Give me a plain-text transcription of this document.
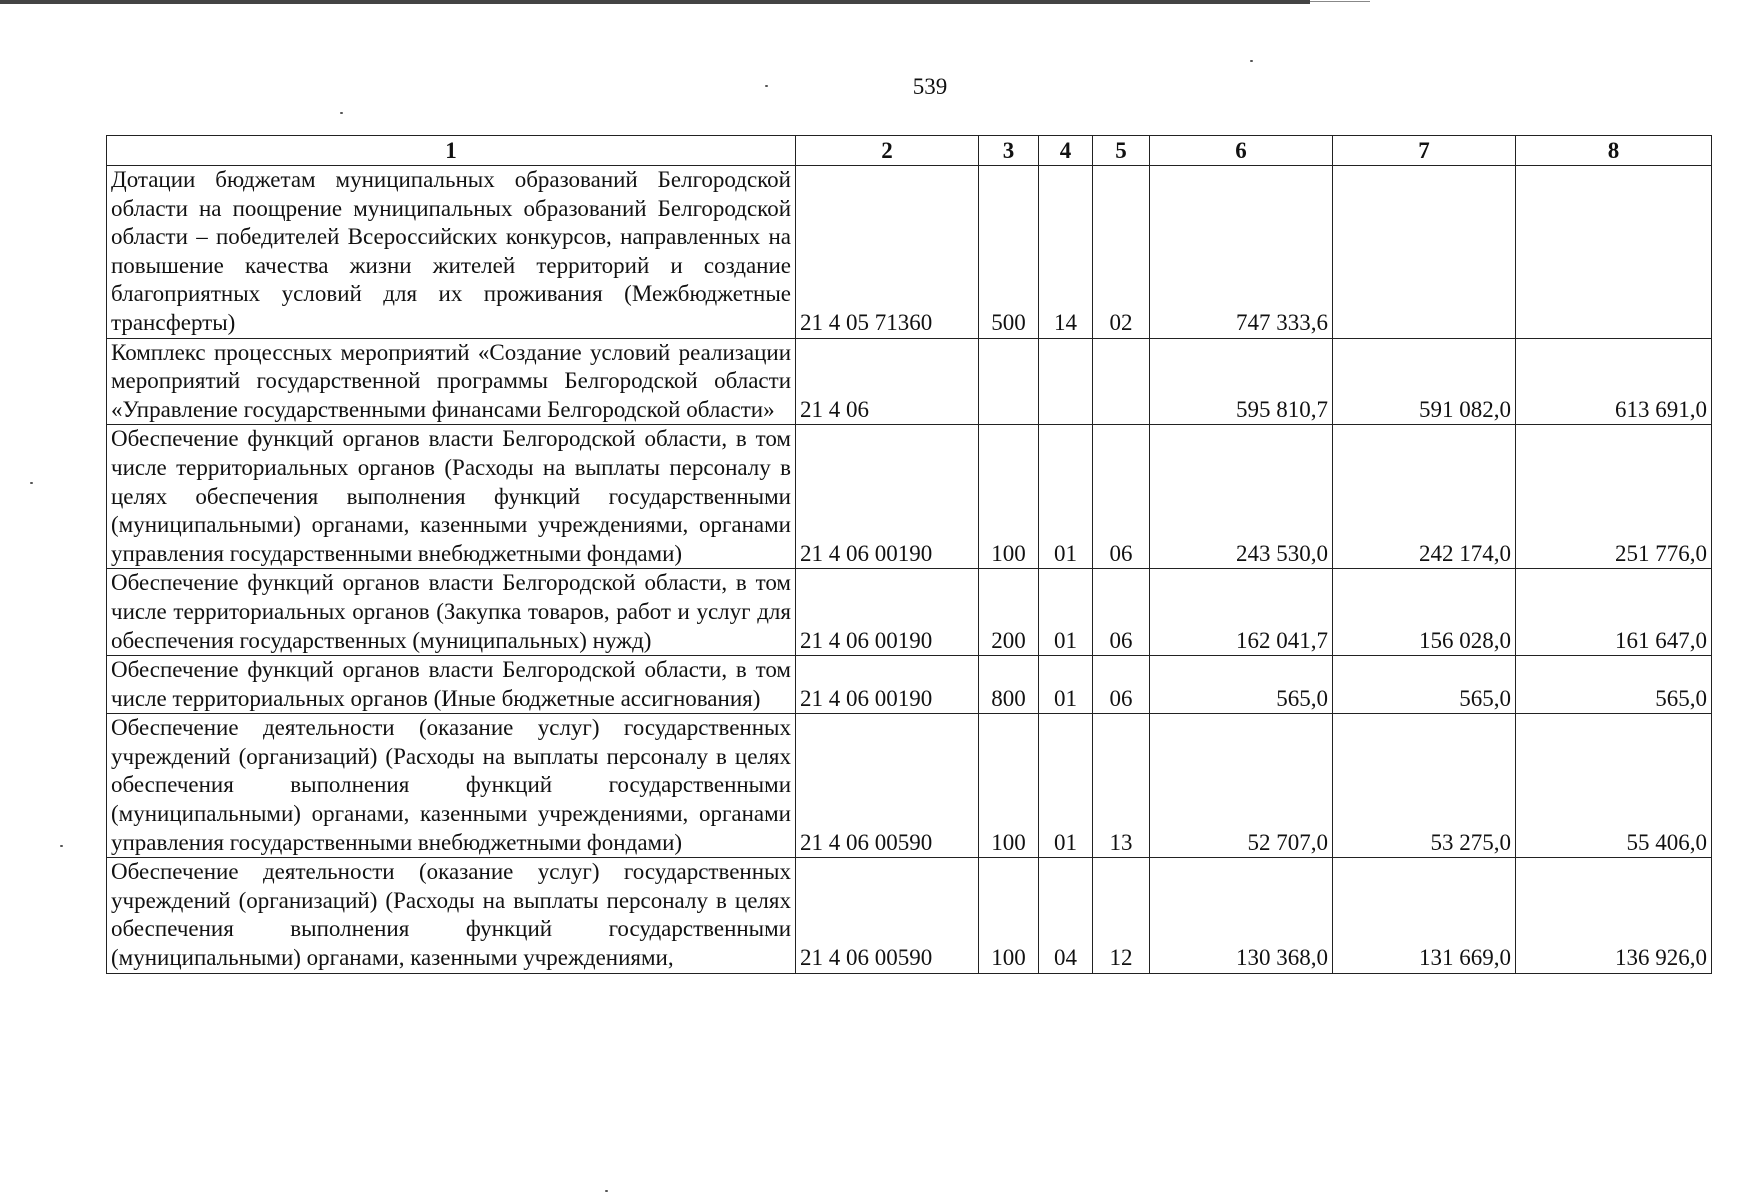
539
1	2	3	4	5	6	7	8
Дотации бюджетам муниципальных образований Белгородской области на поощрение муниципальных образований Белгородской области – победителей Всероссийских конкурсов, направленных на повышение качества жизни жителей территорий и создание благоприятных условий для их проживания (Межбюджетные трансферты)	21 4 05 71360	500	14	02	747 333,6		
Комплекс процессных мероприятий «Создание условий реализации мероприятий государственной программы Белгородской области «Управление государственными финансами Белгородской области»	21 4 06				595 810,7	591 082,0	613 691,0
Обеспечение функций органов власти Белгородской области, в том числе территориальных органов (Расходы на выплаты персоналу в целях обеспечения выполнения функций государственными (муниципальными) органами, казенными учреждениями, органами управления государственными внебюджетными фондами)	21 4 06 00190	100	01	06	243 530,0	242 174,0	251 776,0
Обеспечение функций органов власти Белгородской области, в том числе территориальных органов (Закупка товаров, работ и услуг для обеспечения государственных (муниципальных) нужд)	21 4 06 00190	200	01	06	162 041,7	156 028,0	161 647,0
Обеспечение функций органов власти Белгородской области, в том числе территориальных органов (Иные бюджетные ассигнования)	21 4 06 00190	800	01	06	565,0	565,0	565,0
Обеспечение деятельности (оказание услуг) государственных учреждений (организаций) (Расходы на выплаты персоналу в целях обеспечения выполнения функций государственными (муниципальными) органами, казенными учреждениями, органами управления государственными внебюджетными фондами)	21 4 06 00590	100	01	13	52 707,0	53 275,0	55 406,0
Обеспечение деятельности (оказание услуг) государственных учреждений (организаций) (Расходы на выплаты персоналу в целях обеспечения выполнения функций государственными (муниципальными) органами, казенными учреждениями,	21 4 06 00590	100	04	12	130 368,0	131 669,0	136 926,0
